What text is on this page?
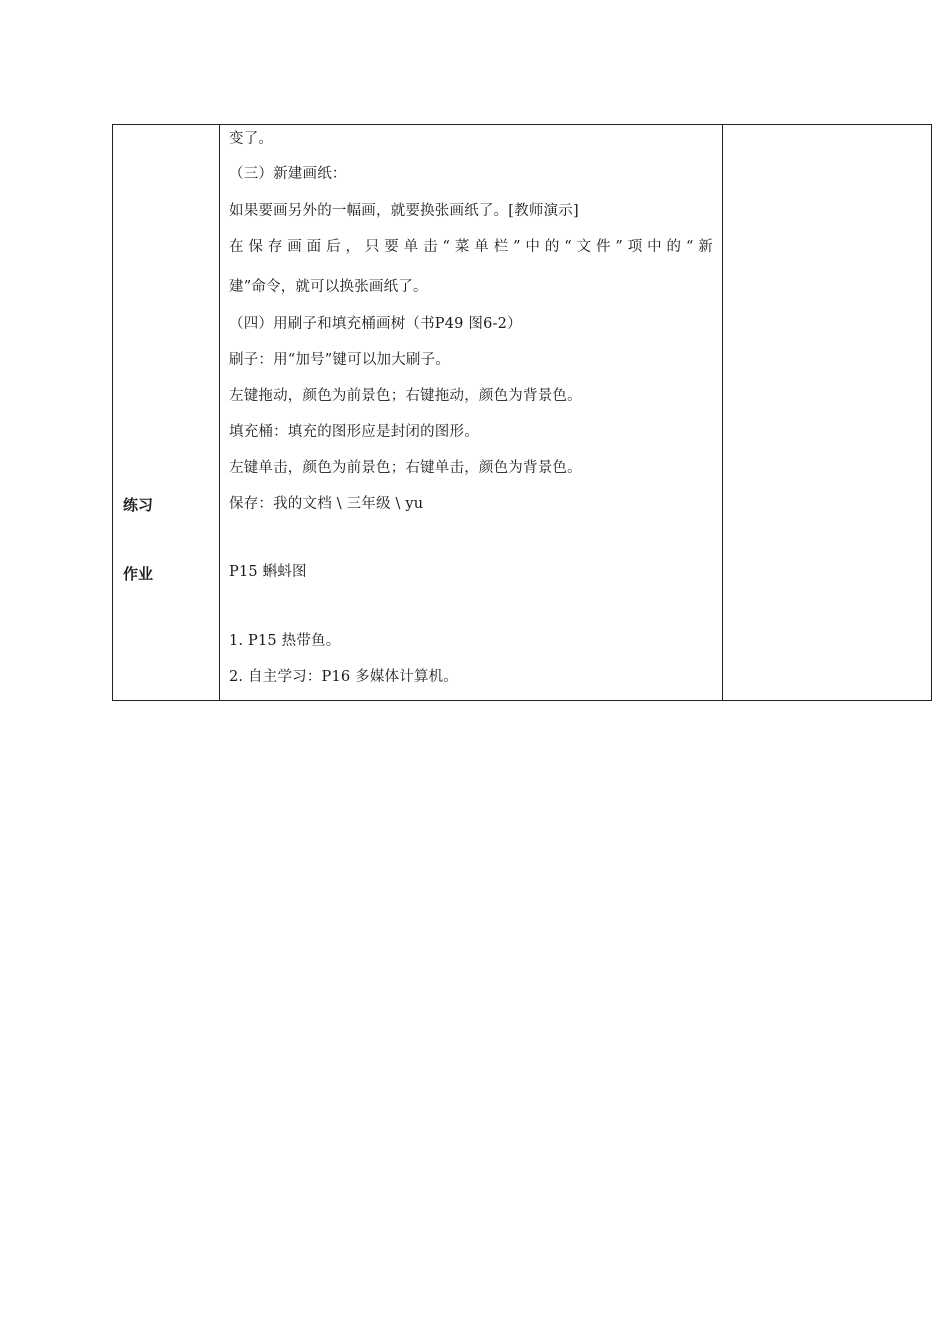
变了。
（三）新建画纸：
如果要画另外的一幅画，就要换张画纸了。[教师演示]
在保存画面后，只要单击“菜单栏”中的“文件”项中的“新
建”命令，就可以换张画纸了。
（四）用刷子和填充桶画树（书P49 图6-2）
刷子：用“加号”键可以加大刷子。
左键拖动，颜色为前景色；右键拖动，颜色为背景色。
填充桶：填充的图形应是封闭的图形。
左键单击，颜色为前景色；右键单击，颜色为背景色。
保存：我的文档 \ 三年级 \ yu
练习
作业	P15 蝌蚪图
1. P15 热带鱼。
2. 自主学习：P16 多媒体计算机。
